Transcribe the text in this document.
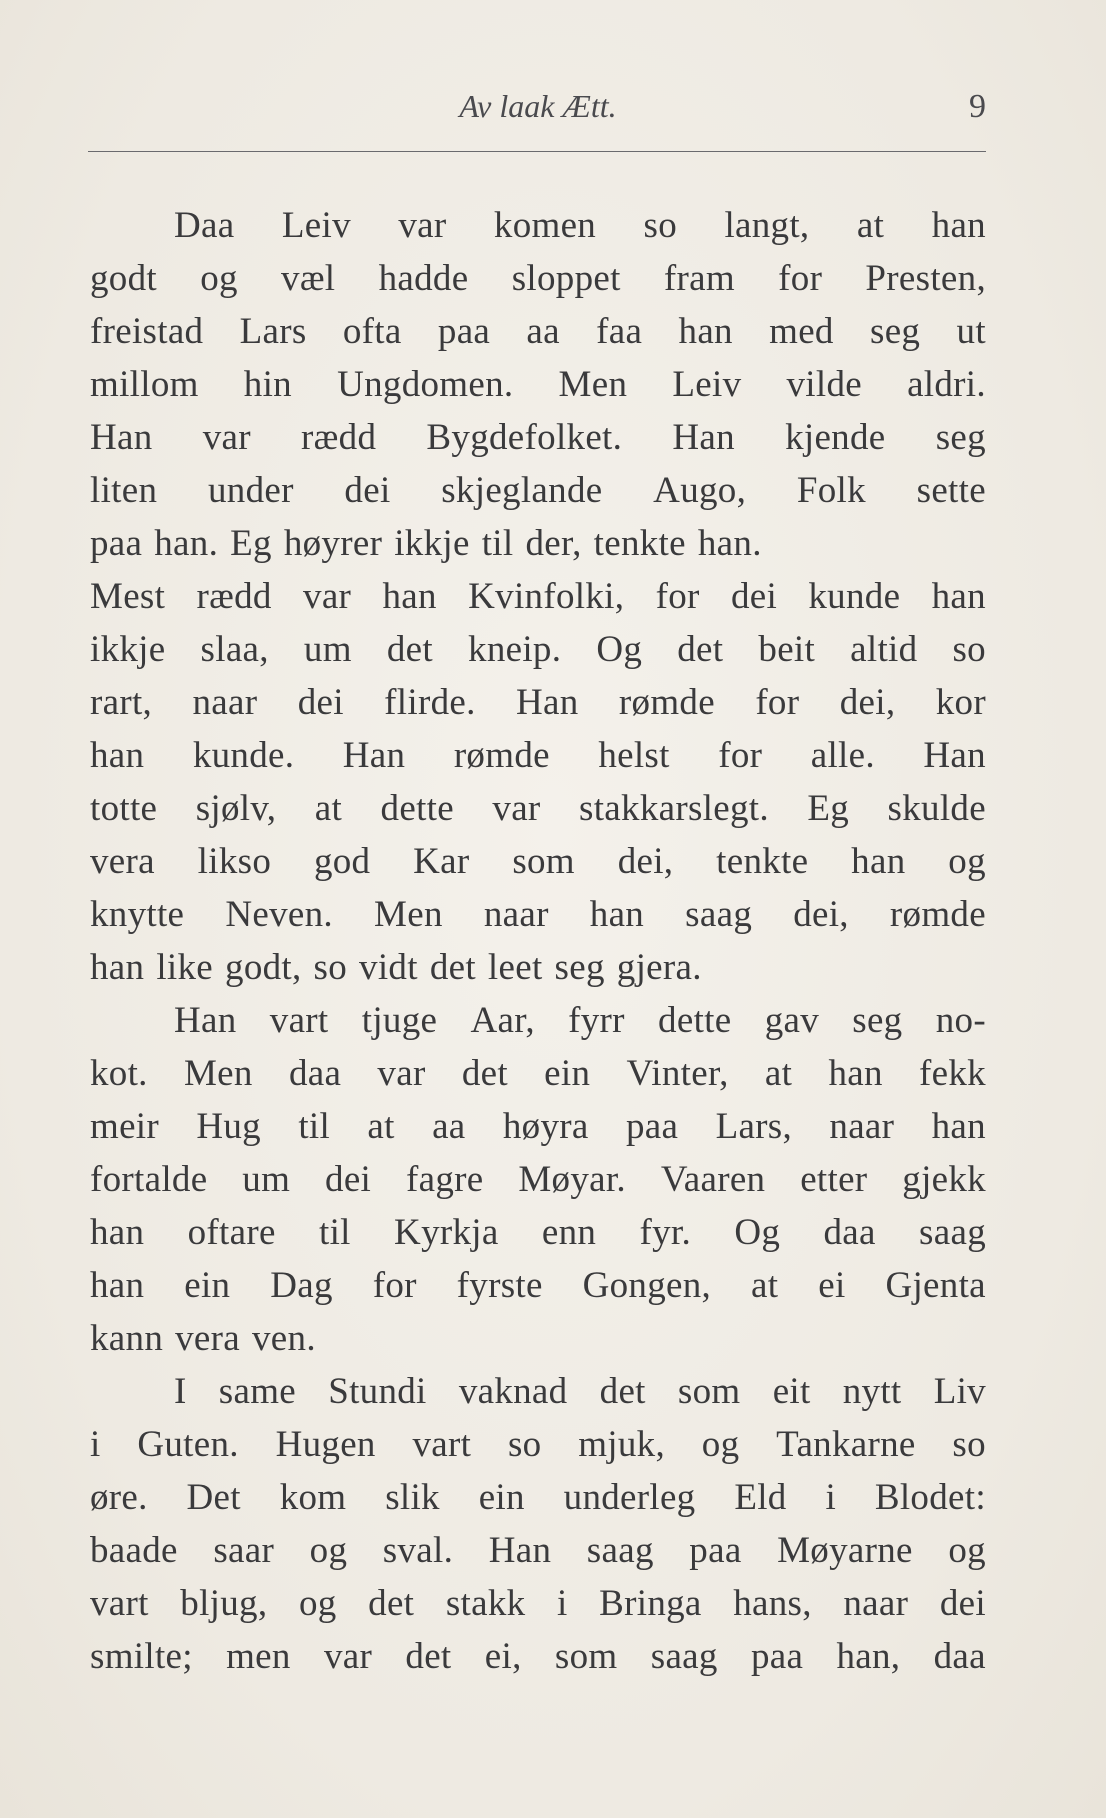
Av laak Ætt.	9
Daa Leiv var komen so langt, at han
godt og væl hadde sloppet fram for Presten,
freistad Lars ofta paa aa faa han med seg ut
millom hin Ungdomen. Men Leiv vilde aldri.
Han var rædd Bygdefolket. Han kjende seg
liten under dei skjeglande Augo, Folk sette
paa han. Eg høyrer ikkje til der, tenkte han.
Mest rædd var han Kvinfolki, for dei kunde han
ikkje slaa, um det kneip. Og det beit altid so
rart, naar dei flirde. Han rømde for dei, kor
han kunde. Han rømde helst for alle. Han
totte sjølv, at dette var stakkarslegt. Eg skulde
vera likso god Kar som dei, tenkte han og
knytte Neven. Men naar han saag dei, rømde
han like godt, so vidt det leet seg gjera.
Han vart tjuge Aar, fyrr dette gav seg no-
kot. Men daa var det ein Vinter, at han fekk
meir Hug til at aa høyra paa Lars, naar han
fortalde um dei fagre Møyar. Vaaren etter gjekk
han oftare til Kyrkja enn fyr. Og daa saag
han ein Dag for fyrste Gongen, at ei Gjenta
kann vera ven.
I same Stundi vaknad det som eit nytt Liv
i Guten. Hugen vart so mjuk, og Tankarne so
øre. Det kom slik ein underleg Eld i Blodet:
baade saar og sval. Han saag paa Møyarne og
vart bljug, og det stakk i Bringa hans, naar dei
smilte; men var det ei, som saag paa han, daa
